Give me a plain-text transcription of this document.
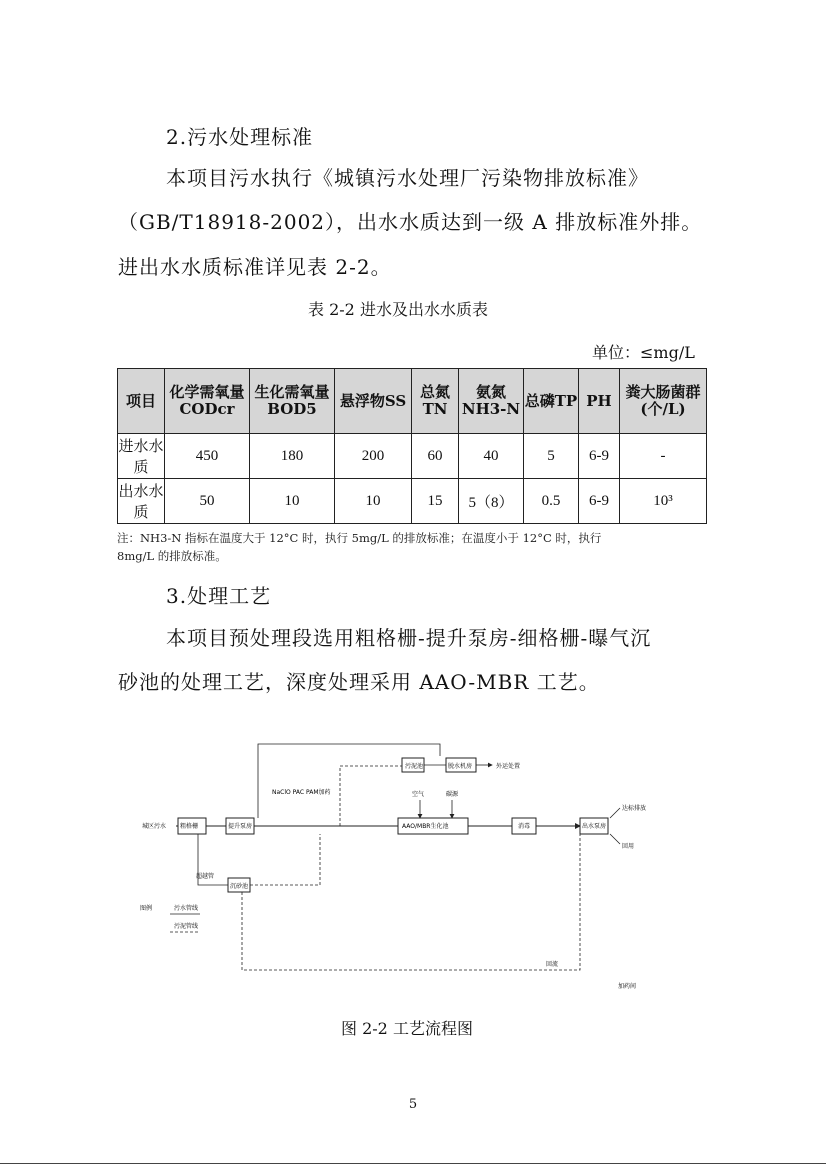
2.污水处理标准
本项目污水执行《城镇污水处理厂污染物排放标准》
（GB/T18918-2002），出水水质达到一级 A 排放标准外排。
进出水水质标准详见表 2-2。
表 2-2 进水及出水水质表
单位：≤mg/L
项目	化学需氧量CODcr	生化需氧量BOD5	悬浮物SS	总氮TN	氨氮NH3-N	总磷TP	PH	粪大肠菌群(个/L)
进水水质	450	180	200	60	40	5	6-9	-
出水水质	50	10	10	15	5（8）	0.5	6-9	10³
注：NH3-N 指标在温度大于 12°C 时，执行 5mg/L 的排放标准；在温度小于 12°C 时，执行
8mg/L 的排放标准。
3.处理工艺
本项目预处理段选用粗格栅-提升泵房-细格栅-曝气沉
砂池的处理工艺，深度处理采用 AAO-MBR 工艺。
城区污水 粗格栅	提升泵房	AAO/MBR生化池	消毒	出水泵房
污泥池	脱水机房
沉砂池
NaClO PAC PAM加药	空气	碳源
外运处置
达标排放
回用
回流
超越管
图例	污水管线
污泥管线
加药间
图 2-2 工艺流程图
5
